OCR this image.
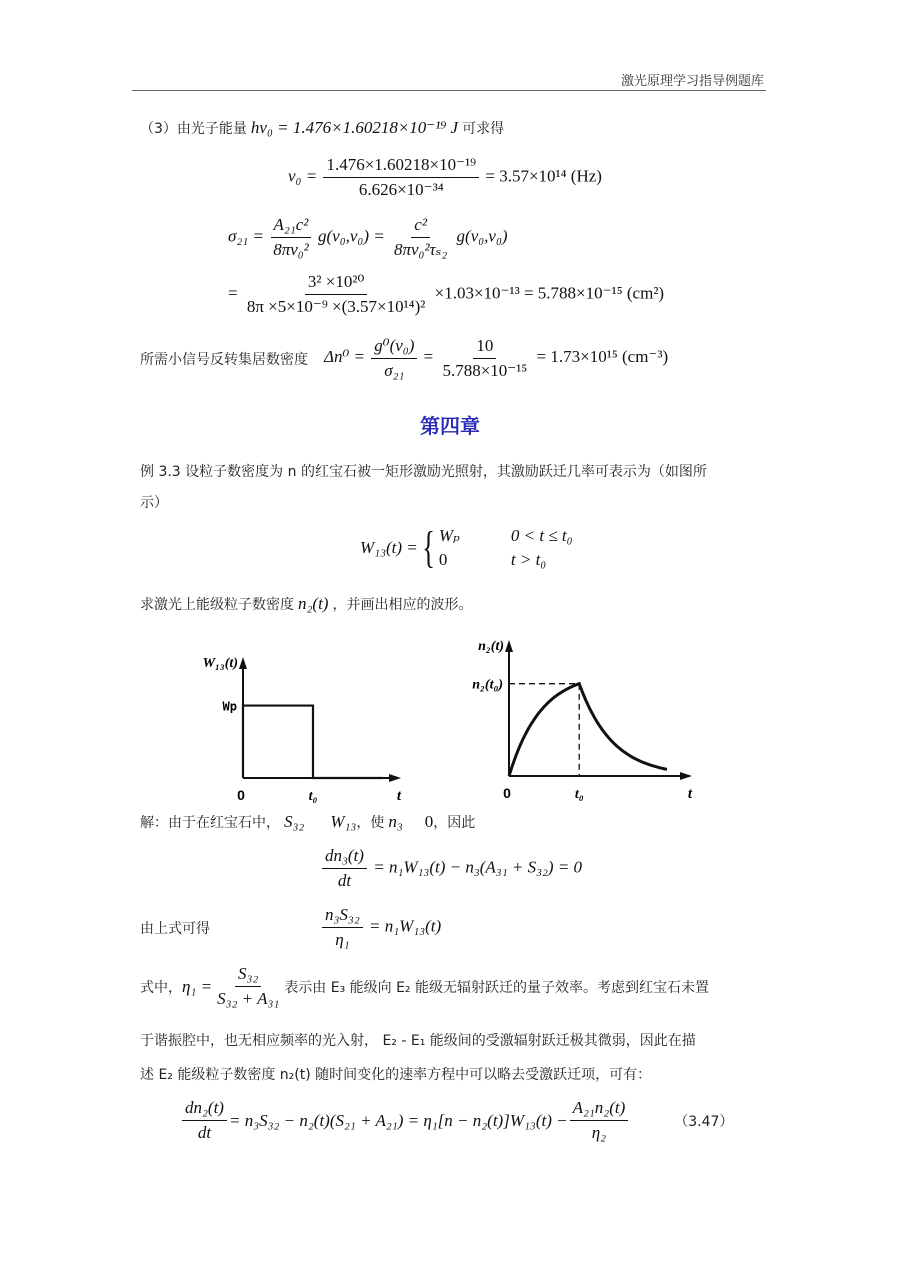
激光原理学习指导例题库
（3）由光子能量 hν₀ = 1.476×1.60218×10⁻¹⁹ J 可求得
$\nu_0 = \frac{\text{1.476×1.60218×10⁻¹⁹}}{\text{6.626×10⁻³⁴}} = 3.57\times 10^{14}$ (Hz)
$\sigma_{21} = \frac{\text{A₂₁c²}}{\text{8πν₀²}} g(\nu_0,\nu_0) = \frac{\text{c²}}{\text{8πν₀²τₛ₂}} g(\nu_0,\nu_0)$
= $\frac{\text{3² ×10²⁰}}{\text{8π ×5×10⁻⁹ ×(3.57×10¹⁴)²}} \times 1.03\times 10^{-13} = 5.788\times 10^{-15}$ (cm²)
所需小信号反转集居数密度 $\Delta n^0 = \frac{\text{g⁰(ν₀)}}{\text{σ₂₁}} = \frac{10}{\text{5.788×10⁻¹⁵}} = 1.73\times 10^{15}$ (cm⁻³)
第四章
例 3.3 设粒子数密度为 n 的红宝石被一矩形激励光照射，其激励跃迁几率可表示为（如图所
示）
W₁₃(t) = { Wₚ	0 < t ≤ t₀
0	t > t₀
求激光上能级粒子数密度 n₂(t) ，并画出相应的波形。
W₁₃(t)
t
0	t₀
Wp
n₂(t)
t
0	t₀
n₂(t₀)
解：由于在红宝石中， S₃₂ W₁₃，使 n₃ 0，因此
$\frac{\text{dn₃(t)}}{dt} = n_1W_{13}(t) - n_3(A_{31} + S_{32}) = 0$
由上式可得	$\frac{\text{n₃S₃₂}}{\text{η₁}} = n_1W_{13}(t)$
式中， $\eta_1 = \frac{\text{S₃₂}}{\text{S₃₂ + A₃₁}}$ 表示由 E₃ 能级向 E₂ 能级无辐射跃迁的量子效率。考虑到红宝石未置
于谐振腔中，也无相应频率的光入射， E₂ - E₁ 能级间的受激辐射跃迁极其微弱，因此在描
述 E₂ 能级粒子数密度 n₂(t) 随时间变化的速率方程中可以略去受激跃迁项，可有：
$\frac{\text{dn₂(t)}}{dt} = n_3S_{32} - n_2(t)(S_{21} + A_{21}) = \eta_1[n - n_2(t)]W_{13}(t) - \frac{\text{A₂₁n₂(t)}}{\text{η₂}}$	（3.47）
